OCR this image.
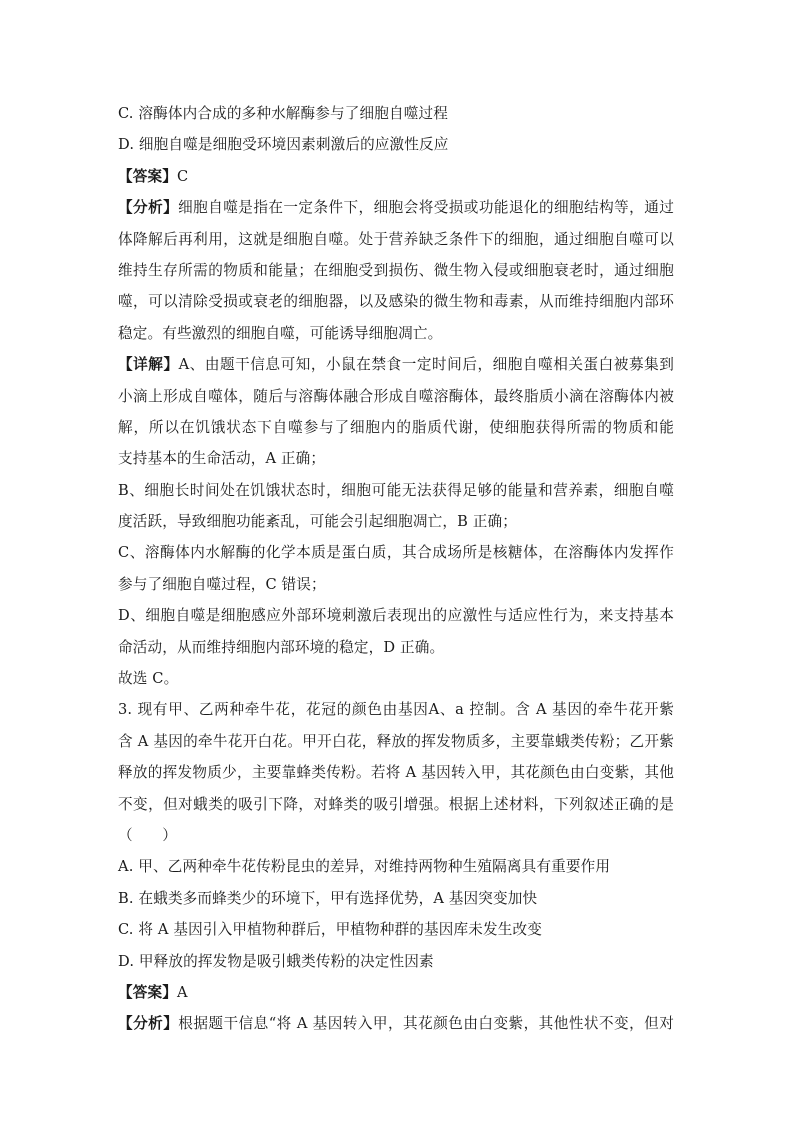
C. 溶酶体内合成的多种水解酶参与了细胞自噬过程
D. 细胞自噬是细胞受环境因素刺激后的应激性反应
【答案】C
【分析】细胞自噬是指在一定条件下，细胞会将受损或功能退化的细胞结构等，通过
体降解后再利用，这就是细胞自噬。处于营养缺乏条件下的细胞，通过细胞自噬可以
维持生存所需的物质和能量；在细胞受到损伤、微生物入侵或细胞衰老时，通过细胞
噬，可以清除受损或衰老的细胞器，以及感染的微生物和毒素，从而维持细胞内部环
稳定。有些激烈的细胞自噬，可能诱导细胞凋亡。
【详解】A、由题干信息可知，小鼠在禁食一定时间后，细胞自噬相关蛋白被募集到
小滴上形成自噬体，随后与溶酶体融合形成自噬溶酶体，最终脂质小滴在溶酶体内被
解，所以在饥饿状态下自噬参与了细胞内的脂质代谢，使细胞获得所需的物质和能
支持基本的生命活动，A 正确；
B、细胞长时间处在饥饿状态时，细胞可能无法获得足够的能量和营养素，细胞自噬
度活跃，导致细胞功能紊乱，可能会引起细胞凋亡，B 正确；
C、溶酶体内水解酶的化学本质是蛋白质，其合成场所是核糖体，在溶酶体内发挥作
参与了细胞自噬过程，C 错误；
D、细胞自噬是细胞感应外部环境刺激后表现出的应激性与适应性行为，来支持基本
命活动，从而维持细胞内部环境的稳定，D 正确。
故选 C。
3. 现有甲、乙两种牵牛花，花冠的颜色由基因A、a 控制。含 A 基因的牵牛花开紫
含 A 基因的牵牛花开白花。甲开白花，释放的挥发物质多，主要靠蛾类传粉；乙开紫
释放的挥发物质少，主要靠蜂类传粉。若将 A 基因转入甲，其花颜色由白变紫，其他
不变，但对蛾类的吸引下降，对蜂类的吸引增强。根据上述材料，下列叙述正确的是
（　　）
A. 甲、乙两种牵牛花传粉昆虫的差异，对维持两物种生殖隔离具有重要作用
B. 在蛾类多而蜂类少的环境下，甲有选择优势，A 基因突变加快
C. 将 A 基因引入甲植物种群后，甲植物种群的基因库未发生改变
D. 甲释放的挥发物是吸引蛾类传粉的决定性因素
【答案】A
【分析】根据题干信息“将 A 基因转入甲，其花颜色由白变紫，其他性状不变，但对
